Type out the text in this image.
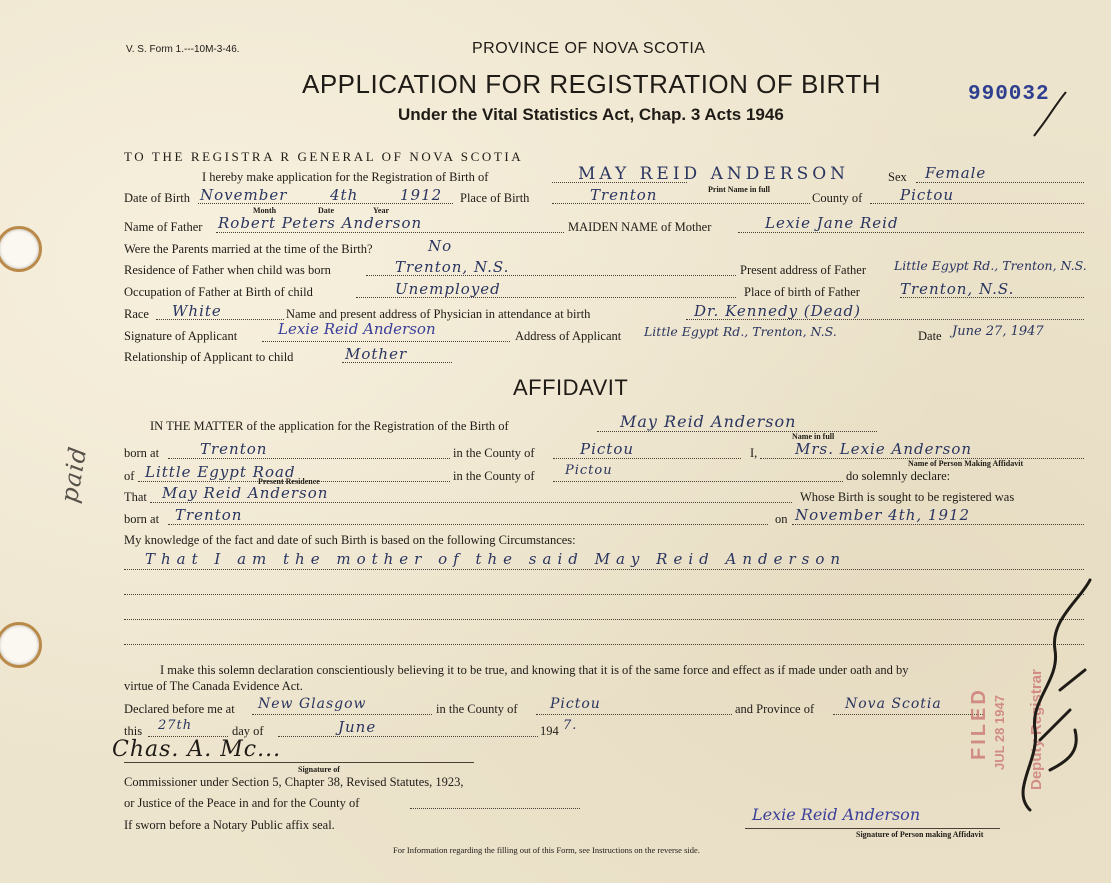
V. S. Form 1.---10M-3-46.	PROVINCE OF NOVA SCOTIA
APPLICATION FOR REGISTRATION OF BIRTH
Under the Vital Statistics Act, Chap. 3 Acts 1946
990032
TO THE REGISTRA R GENERAL OF NOVA SCOTIA
I hereby make application for the Registration of Birth of	MAY REID ANDERSON
Print Name in full
Sex Female
Date of Birth November	4th	1912
Month	Date	Year
Place of Birth	Trenton	County of	Pictou
Name of Father Robert Peters Anderson	MAIDEN NAME of Mother	Lexie Jane Reid
Were the Parents married at the time of the Birth?	No
Residence of Father when child was born	Trenton, N.S.	Present address of Father Little Egypt Rd., Trenton, N.S.
Occupation of Father at Birth of child	Unemployed	Place of birth of Father	Trenton, N.S.
Race White	Name and present address of Physician in attendance at birth	Dr. Kennedy (Dead)
Signature of Applicant	Lexie Reid Anderson	Address of Applicant Little Egypt Rd., Trenton, N.S.	Date June 27, 1947
Relationship of Applicant to child	Mother
AFFIDAVIT
IN THE MATTER of the application for the Registration of the Birth of	May Reid Anderson
Name in full
born at	Trenton	in the County of	Pictou	I,	Mrs. Lexie Anderson
Name of Person Making Affidavit
of Little Egypt Road
Present Residence	in the County of Pictou	do solemnly declare:
That May Reid Anderson	Whose Birth is sought to be registered was
born at Trenton	on November 4th, 1912
My knowledge of the fact and date of such Birth is based on the following Circumstances:
That I am the mother of the said May Reid Anderson
I make this solemn declaration conscientiously believing it to be true, and knowing that it is of the same force and effect as if made under oath and by
virtue of The Canada Evidence Act.
Declared before me at New Glasgow	in the County of Pictou	and Province of Nova Scotia
this 27th	day of	June	194 7.
Chas. A. Mc...
Signature of
Commissioner under Section 5, Chapter 38, Revised Statutes, 1923,
or Justice of the Peace in and for the County of
If sworn before a Notary Public affix seal.
Lexie Reid Anderson
Signature of Person making Affidavit
For Information regarding the filling out of this Form, see Instructions on the reverse side.
paid
FILED JUL 28 1947 Deputy Registrar
